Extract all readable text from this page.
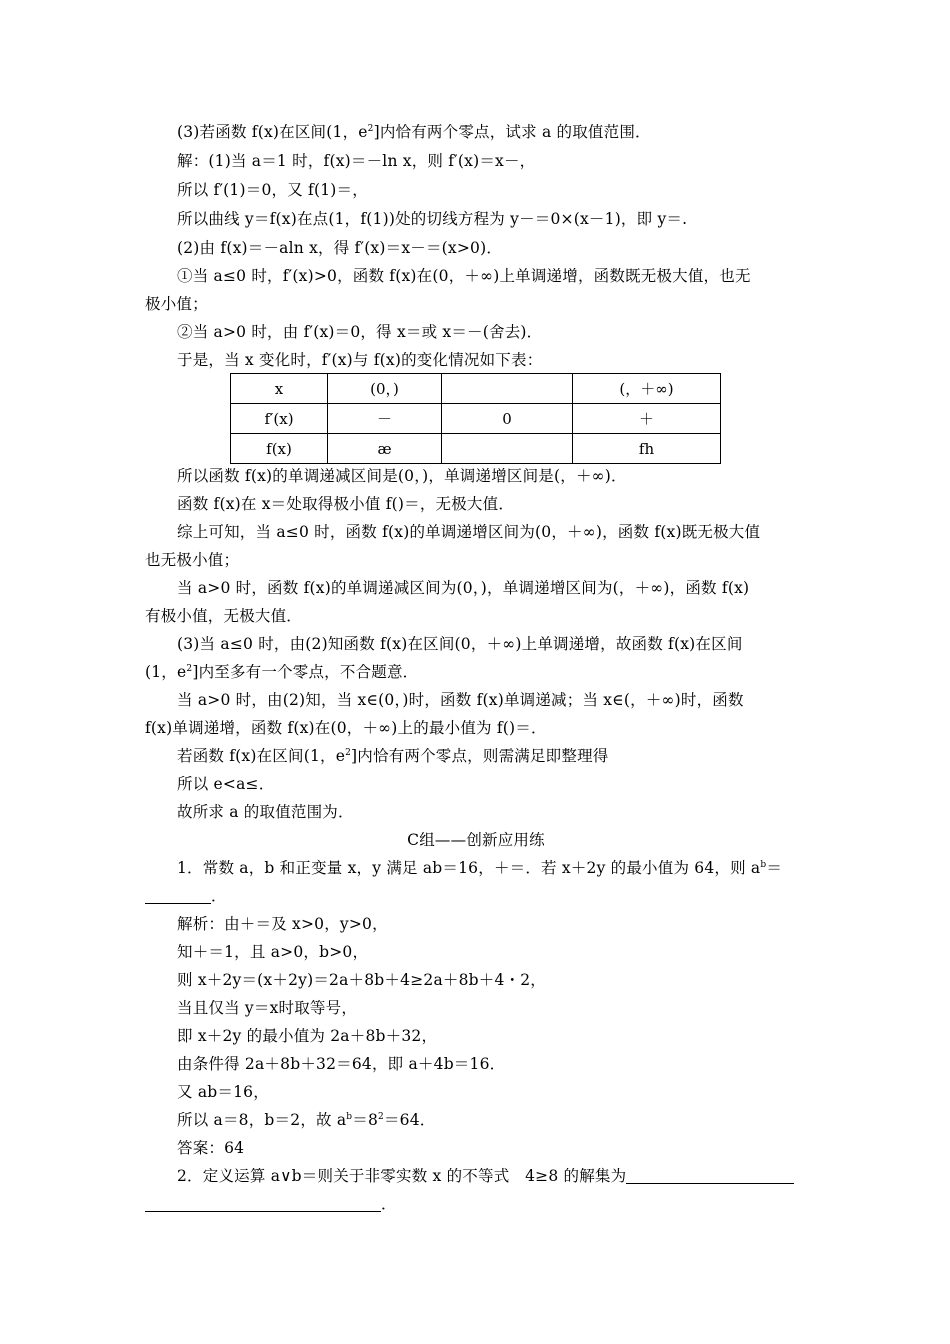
(3)若函数 f(x)在区间(1，$e^2$]内恰有两个零点，试求 a 的取值范围．
解：(1)当 a＝1 时，f(x)＝－ln x，则 f′(x)＝x－，
所以 f′(1)＝0，又 f(1)＝，
所以曲线 y＝f(x)在点(1，f(1))处的切线方程为 y－＝0×(x－1)，即 y＝.
(2)由 f(x)＝－aln x，得 f′(x)＝x－＝(x>0)．
①当 a≤0 时，f′(x)>0，函数 f(x)在(0，＋∞)上单调递增，函数既无极大值，也无
极小值；
②当 a>0 时，由 f′(x)＝0，得 x＝或 x＝－(舍去)．
于是，当 x 变化时，f′(x)与 f(x)的变化情况如下表：
x	(0，)		(，＋∞)
f′(x)	－	0	＋
f(x)	æ		fh
所以函数 f(x)的单调递减区间是(0，)，单调递增区间是(，＋∞)．
函数 f(x)在 x＝处取得极小值 f()＝，无极大值．
综上可知，当 a≤0 时，函数 f(x)的单调递增区间为(0，＋∞)，函数 f(x)既无极大值
也无极小值；
当 a>0 时，函数 f(x)的单调递减区间为(0，)，单调递增区间为(，＋∞)，函数 f(x)
有极小值，无极大值．
(3)当 a≤0 时，由(2)知函数 f(x)在区间(0，＋∞)上单调递增，故函数 f(x)在区间
(1，$e^2$]内至多有一个零点，不合题意．
当 a>0 时，由(2)知，当 x∈(0，)时，函数 f(x)单调递减；当 x∈(，＋∞)时，函数
f(x)单调递增，函数 f(x)在(0，＋∞)上的最小值为 f()＝．
若函数 f(x)在区间(1，$e^2$]内恰有两个零点，则需满足即整理得
所以 e<a≤．
故所求 a 的取值范围为．
C组——创新应用练
1．常数 a，b 和正变量 x，y 满足 ab＝16，＋＝．若 x＋2y 的最小值为 64，则 $a^b=$
．
解析：由＋＝及 x>0，y>0，
知＋＝1，且 a>0，b>0，
则 x＋2y＝(x＋2y)＝2a＋8b＋4≥2a＋8b＋4・2，
当且仅当 y＝x时取等号，
即 x＋2y 的最小值为 2a＋8b＋32，
由条件得 2a＋8b＋32＝64，即 a＋4b＝16．
又 ab＝16，
所以 a＝8，b＝2，故 $a^b=8^2=64$．
答案：64
2．定义运算 a∨b＝则关于非零实数 x 的不等式　4≥8 的解集为
．
